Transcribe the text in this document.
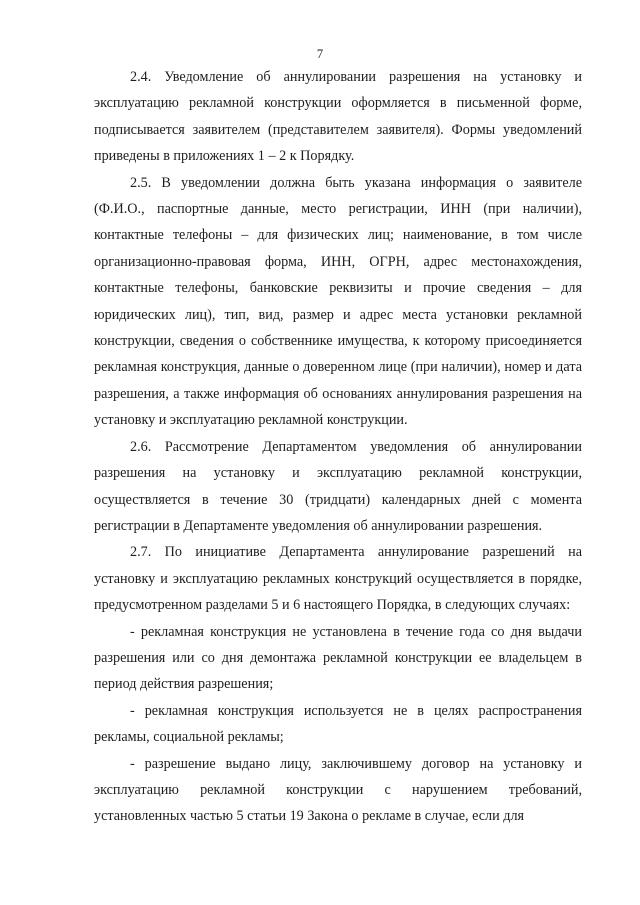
7

2.4. Уведомление об аннулировании разрешения на установку и эксплуатацию рекламной конструкции оформляется в письменной форме, подписывается заявителем (представителем заявителя). Формы уведомлений приведены в приложениях 1 – 2 к Порядку.

2.5. В уведомлении должна быть указана информация о заявителе (Ф.И.О., паспортные данные, место регистрации, ИНН (при наличии), контактные телефоны – для физических лиц; наименование, в том числе организационно-правовая форма, ИНН, ОГРН, адрес местонахождения, контактные телефоны, банковские реквизиты и прочие сведения – для юридических лиц), тип, вид, размер и адрес места установки рекламной конструкции, сведения о собственнике имущества, к которому присоединяется рекламная конструкция, данные о доверенном лице (при наличии), номер и дата разрешения, а также информация об основаниях аннулирования разрешения на установку и эксплуатацию рекламной конструкции.

2.6. Рассмотрение Департаментом уведомления об аннулировании разрешения на установку и эксплуатацию рекламной конструкции, осуществляется в течение 30 (тридцати) календарных дней с момента регистрации в Департаменте уведомления об аннулировании разрешения.

2.7. По инициативе Департамента аннулирование разрешений на установку и эксплуатацию рекламных конструкций осуществляется в порядке, предусмотренном разделами 5 и 6 настоящего Порядка, в следующих случаях:

- рекламная конструкция не установлена в течение года со дня выдачи разрешения или со дня демонтажа рекламной конструкции ее владельцем в период действия разрешения;

- рекламная конструкция используется не в целях распространения рекламы, социальной рекламы;

- разрешение выдано лицу, заключившему договор на установку и эксплуатацию рекламной конструкции с нарушением требований, установленных частью 5 статьи 19 Закона о рекламе в случае, если для
